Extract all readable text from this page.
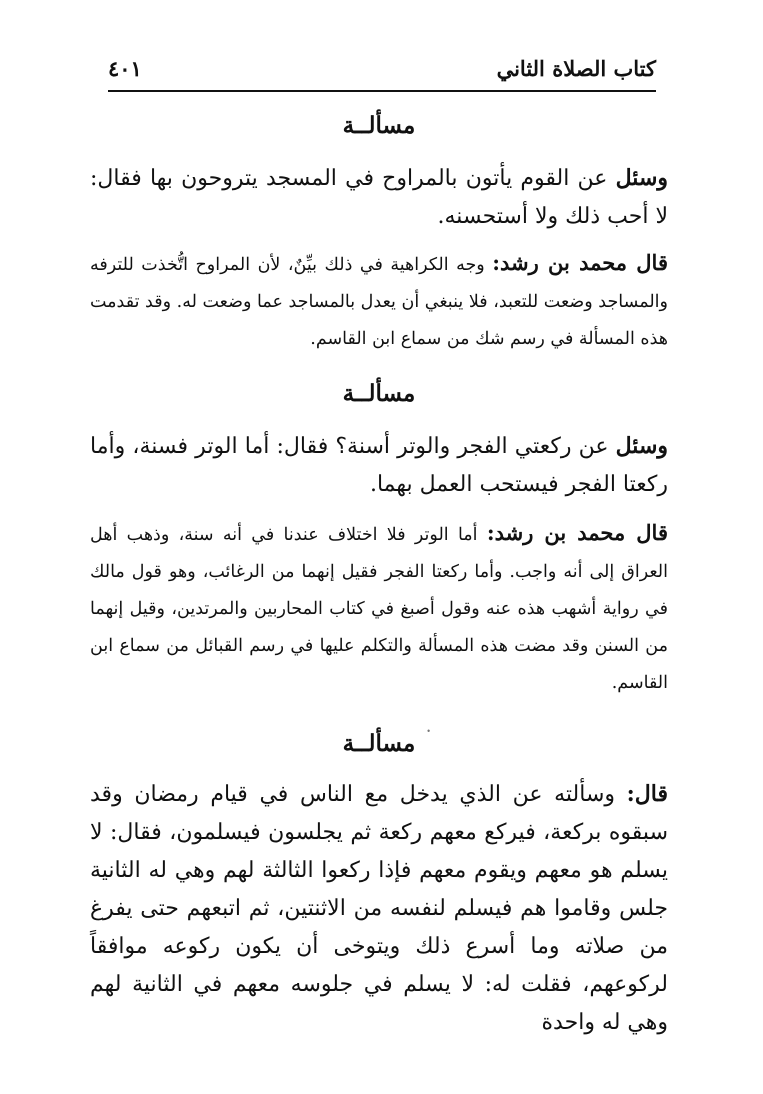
كتاب الصلاة الثاني
٤٠١

مسألــة

وسئل عن القوم يأتون بالمراوح في المسجد يتروحون بها فقال: لا أحب ذلك ولا أستحسنه.

قال محمد بن رشد: وجه الكراهية في ذلك بيِّنٌ، لأن المراوح اتُّخذت للترفه والمساجد وضعت للتعبد، فلا ينبغي أن يعدل بالمساجد عما وضعت له. وقد تقدمت هذه المسألة في رسم شك من سماع ابن القاسم.

مسألــة

وسئل عن ركعتي الفجر والوتر أسنة؟ فقال: أما الوتر فسنة، وأما ركعتا الفجر فيستحب العمل بهما.

قال محمد بن رشد: أما الوتر فلا اختلاف عندنا في أنه سنة، وذهب أهل العراق إلى أنه واجب. وأما ركعتا الفجر فقيل إنهما من الرغائب، وهو قول مالك في رواية أشهب هذه عنه وقول أصبغ في كتاب المحاربين والمرتدين، وقيل إنهما من السنن وقد مضت هذه المسألة والتكلم عليها في رسم القبائل من سماع ابن القاسم.

•

مسألــة

قال: وسألته عن الذي يدخل مع الناس في قيام رمضان وقد سبقوه بركعة، فيركع معهم ركعة ثم يجلسون فيسلمون، فقال: لا يسلم هو معهم ويقوم معهم فإذا ركعوا الثالثة لهم وهي له الثانية جلس وقاموا هم فيسلم لنفسه من الاثنتين، ثم اتبعهم حتى يفرغ من صلاته وما أسرع ذلك ويتوخى أن يكون ركوعه موافقاً لركوعهم، فقلت له: لا يسلم في جلوسه معهم في الثانية لهم وهي له واحدة
